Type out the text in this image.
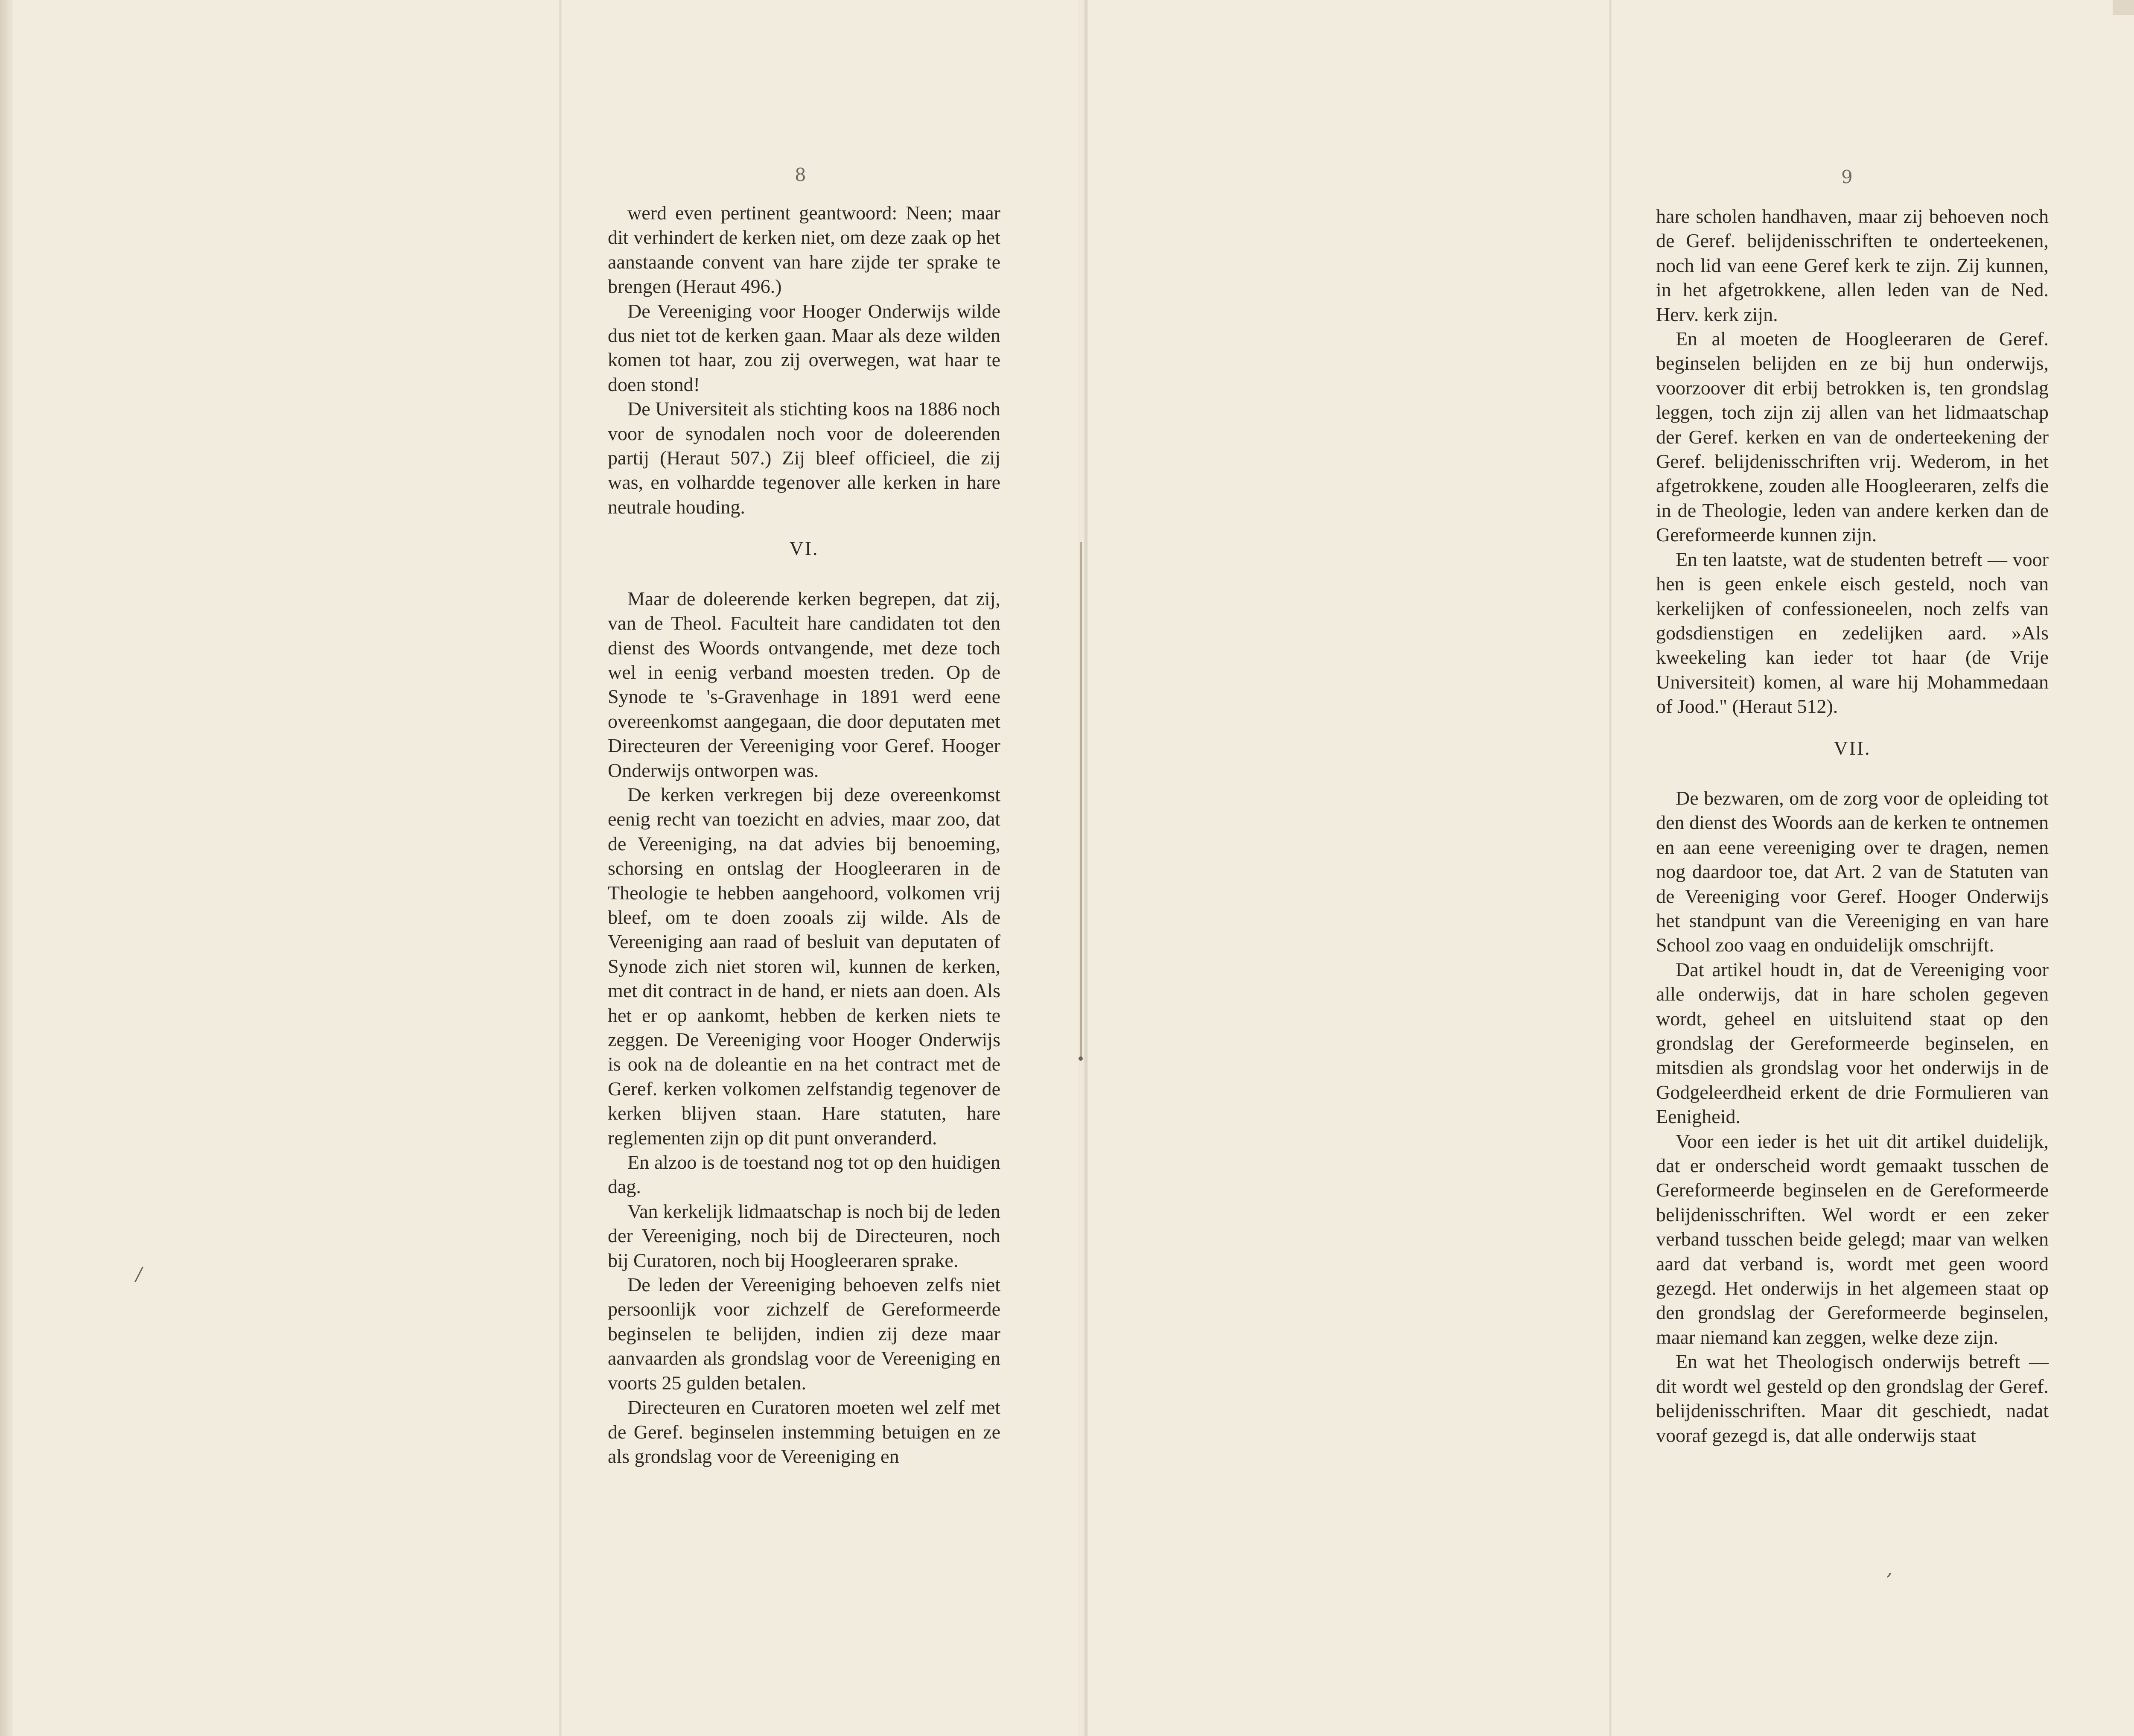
/
,
8

werd even pertinent geantwoord: Neen; maar dit verhindert de kerken niet, om deze zaak op het aanstaande convent van hare zijde ter sprake te brengen (Heraut 496.)

De Vereeniging voor Hooger Onderwijs wilde dus niet tot de kerken gaan. Maar als deze wilden komen tot haar, zou zij overwegen, wat haar te doen stond!

De Universiteit als stichting koos na 1886 noch voor de synodalen noch voor de doleerenden partij (Heraut 507.) Zij bleef officieel, die zij was, en volhardde tegenover alle kerken in hare neutrale houding.

VI.

Maar de doleerende kerken begrepen, dat zij, van de Theol. Faculteit hare candidaten tot den dienst des Woords ontvangende, met deze toch wel in eenig verband moesten treden. Op de Synode te 's-Gravenhage in 1891 werd eene overeenkomst aangegaan, die door deputaten met Directeuren der Vereeniging voor Geref. Hooger Onderwijs ontworpen was.

De kerken verkregen bij deze overeenkomst eenig recht van toezicht en advies, maar zoo, dat de Vereeniging, na dat advies bij benoeming, schorsing en ontslag der Hoogleeraren in de Theologie te hebben aangehoord, volkomen vrij bleef, om te doen zooals zij wilde. Als de Vereeniging aan raad of besluit van deputaten of Synode zich niet storen wil, kunnen de kerken, met dit contract in de hand, er niets aan doen. Als het er op aankomt, hebben de kerken niets te zeggen. De Vereeniging voor Hooger Onderwijs is ook na de doleantie en na het contract met de Geref. kerken volkomen zelfstandig tegenover de kerken blijven staan. Hare statuten, hare reglementen zijn op dit punt onveranderd.

En alzoo is de toestand nog tot op den huidigen dag.

Van kerkelijk lidmaatschap is noch bij de leden der Vereeniging, noch bij de Directeuren, noch bij Curatoren, noch bij Hoogleeraren sprake.

De leden der Vereeniging behoeven zelfs niet persoonlijk voor zichzelf de Gereformeerde beginselen te belijden, indien zij deze maar aanvaarden als grondslag voor de Vereeniging en voorts 25 gulden betalen.

Directeuren en Curatoren moeten wel zelf met de Geref. beginselen instemming betuigen en ze als grondslag voor de Vereeniging en

9

hare scholen handhaven, maar zij behoeven noch de Geref. belijdenisschriften te onderteekenen, noch lid van eene Geref kerk te zijn. Zij kunnen, in het afgetrokkene, allen leden van de Ned. Herv. kerk zijn.

En al moeten de Hoogleeraren de Geref. beginselen belijden en ze bij hun onderwijs, voorzoover dit erbij betrokken is, ten grondslag leggen, toch zijn zij allen van het lidmaatschap der Geref. kerken en van de onderteekening der Geref. belijdenisschriften vrij. Wederom, in het afgetrokkene, zouden alle Hoogleeraren, zelfs die in de Theologie, leden van andere kerken dan de Gereformeerde kunnen zijn.

En ten laatste, wat de studenten betreft — voor hen is geen enkele eisch gesteld, noch van kerkelijken of confessioneelen, noch zelfs van godsdienstigen en zedelijken aard. »Als kweekeling kan ieder tot haar (de Vrije Universiteit) komen, al ware hij Mohammedaan of Jood." (Heraut 512).

VII.

De bezwaren, om de zorg voor de opleiding tot den dienst des Woords aan de kerken te ontnemen en aan eene vereeniging over te dragen, nemen nog daardoor toe, dat Art. 2 van de Statuten van de Vereeniging voor Geref. Hooger Onderwijs het standpunt van die Vereeniging en van hare School zoo vaag en onduidelijk omschrijft.

Dat artikel houdt in, dat de Vereeniging voor alle onderwijs, dat in hare scholen gegeven wordt, geheel en uitsluitend staat op den grondslag der Gereformeerde beginselen, en mitsdien als grondslag voor het onderwijs in de Godgeleerdheid erkent de drie Formulieren van Eenigheid.

Voor een ieder is het uit dit artikel duidelijk, dat er onderscheid wordt gemaakt tusschen de Gereformeerde beginselen en de Gereformeerde belijdenisschriften. Wel wordt er een zeker verband tusschen beide gelegd; maar van welken aard dat verband is, wordt met geen woord gezegd. Het onderwijs in het algemeen staat op den grondslag der Gereformeerde beginselen, maar niemand kan zeggen, welke deze zijn.

En wat het Theologisch onderwijs betreft — dit wordt wel gesteld op den grondslag der Geref. belijdenisschriften. Maar dit geschiedt, nadat vooraf gezegd is, dat alle onderwijs staat
